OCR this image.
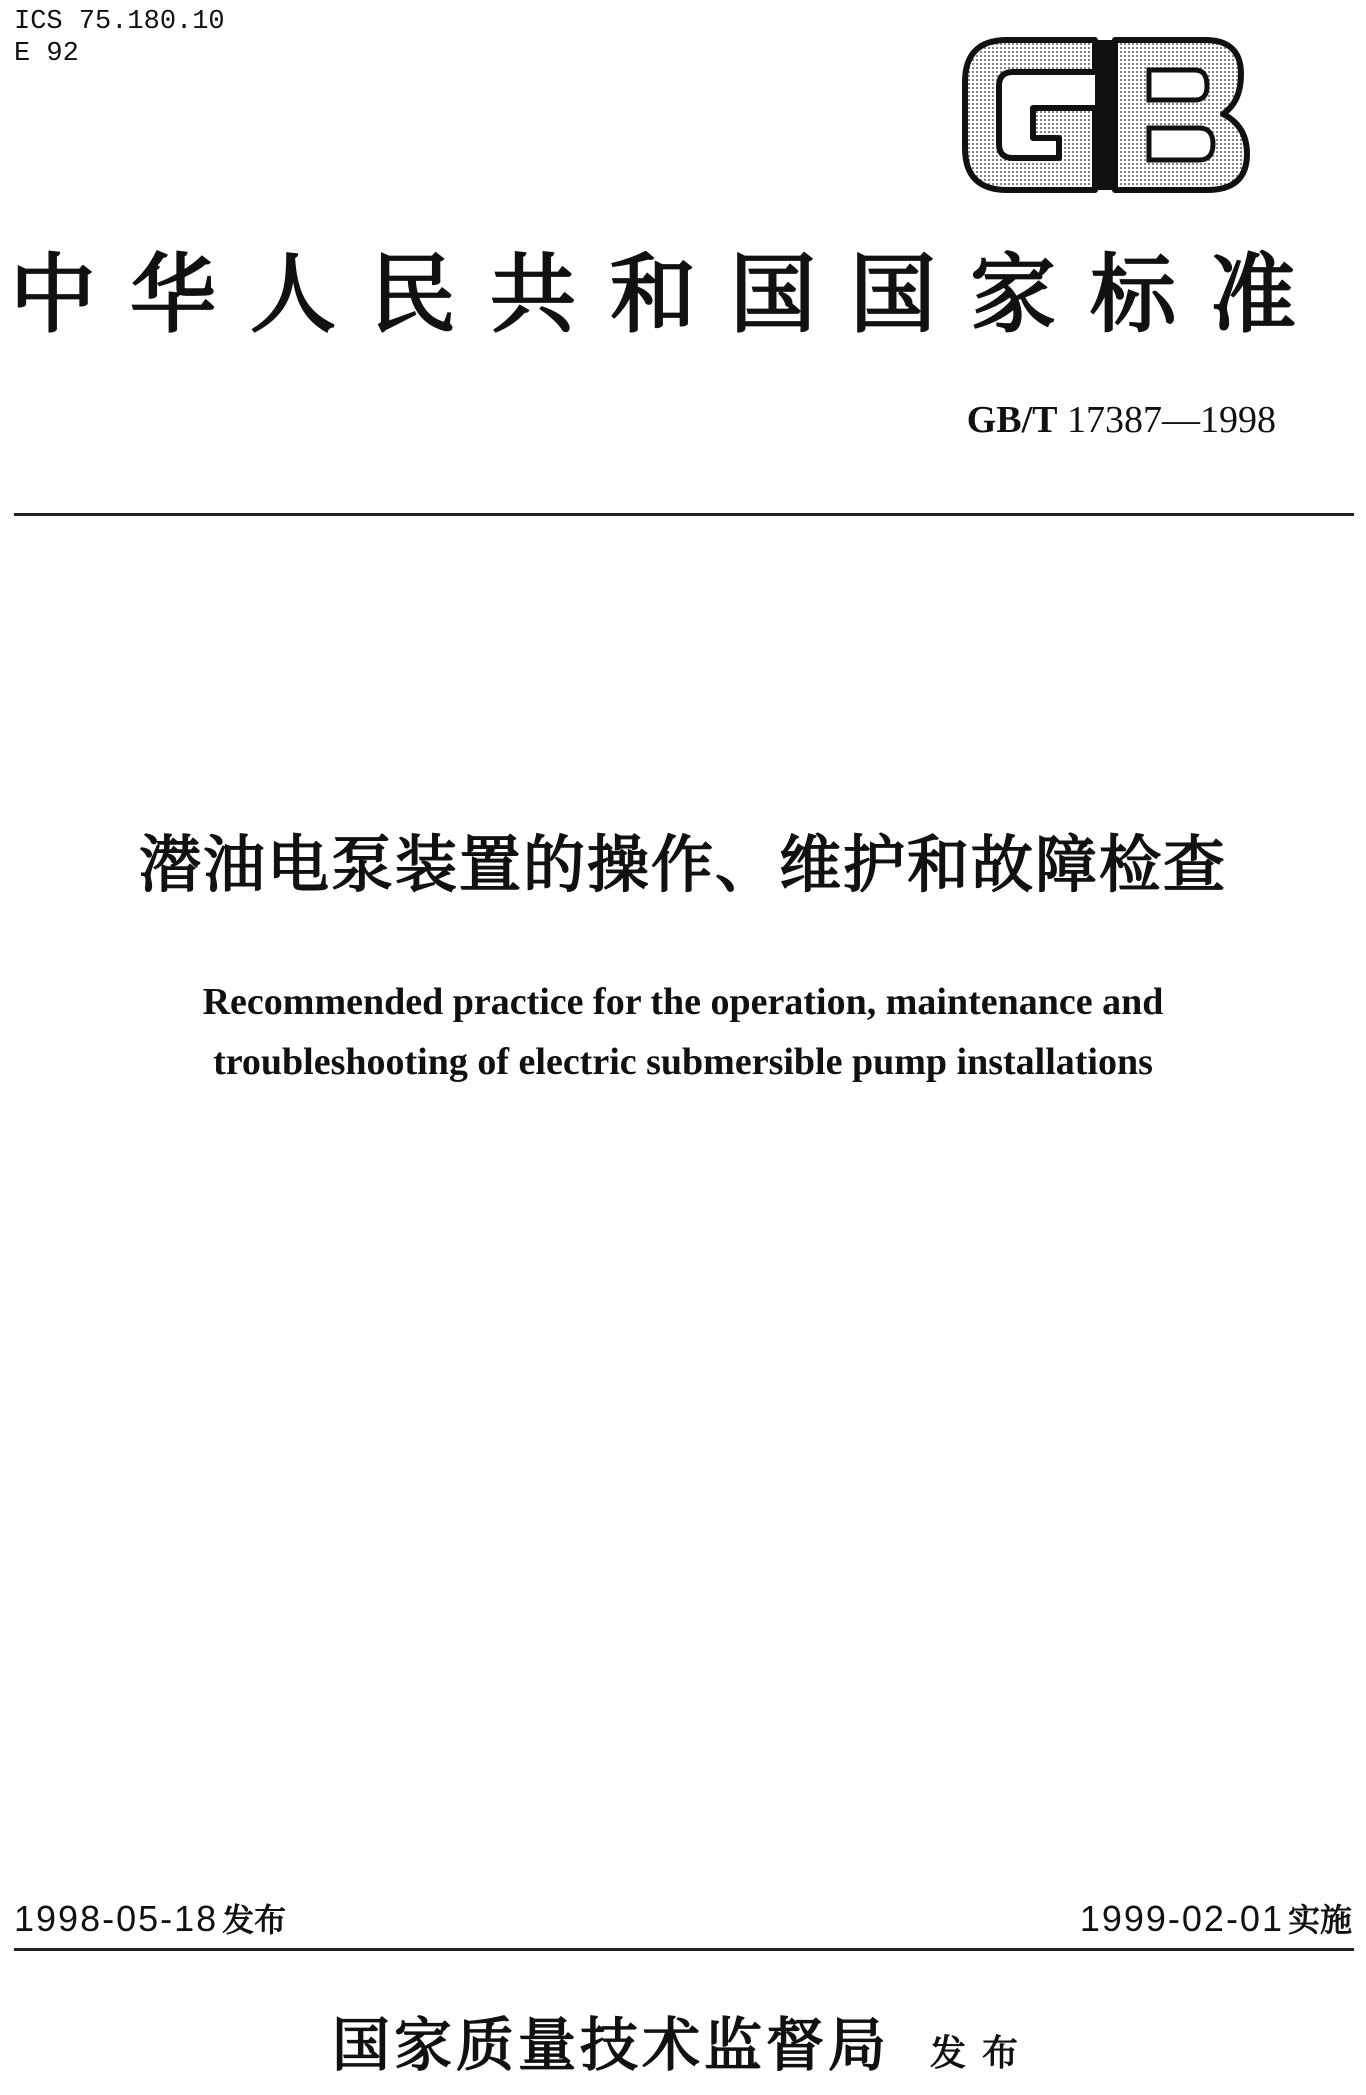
ICS 75.180.10
E 92
中华人民共和国国家标准
GB/T 17387—1998
潜油电泵装置的操作、维护和故障检查
Recommended practice for the operation, maintenance and
troubleshooting of electric submersible pump installations
1998-05-18 发布	1999-02-01 实施
国家质量技术监督局 发布
